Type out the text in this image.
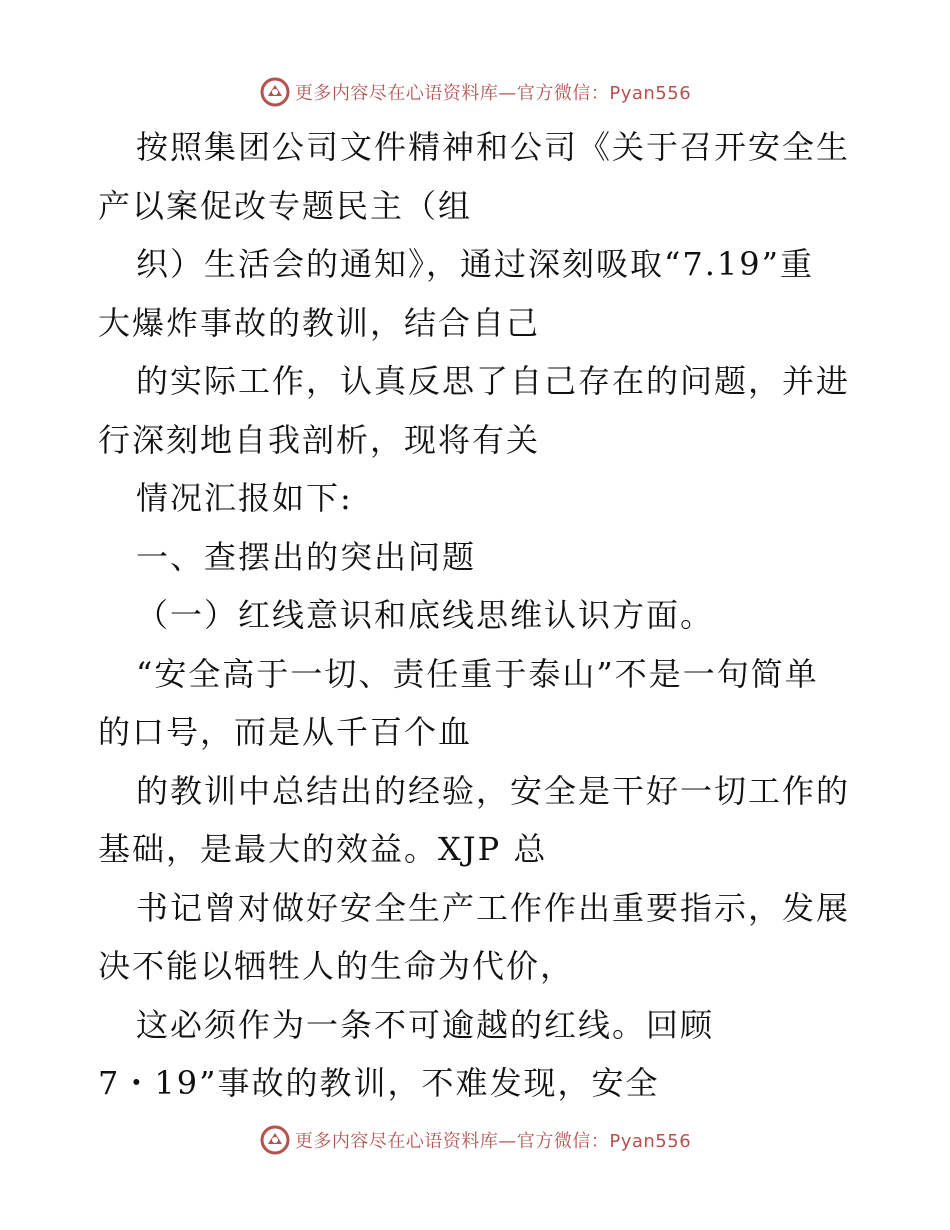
更多内容尽在心语资料库—官方微信：Pyan556
按照集团公司文件精神和公司《关于召开安全生
产以案促改专题民主（组
织）生活会的通知》，通过深刻吸取“7.19”重
大爆炸事故的教训，结合自己
的实际工作，认真反思了自己存在的问题，并进
行深刻地自我剖析，现将有关
情况汇报如下:
一、查摆出的突出问题
（一）红线意识和底线思维认识方面。
“安全高于一切、责任重于泰山”不是一句简单
的口号，而是从千百个血
的教训中总结出的经验，安全是干好一切工作的
基础，是最大的效益。XJP 总
书记曾对做好安全生产工作作出重要指示，发展
决不能以牺牲人的生命为代价，
这必须作为一条不可逾越的红线。回顾
7・19”事故的教训，不难发现，安全
更多内容尽在心语资料库—官方微信：Pyan556
